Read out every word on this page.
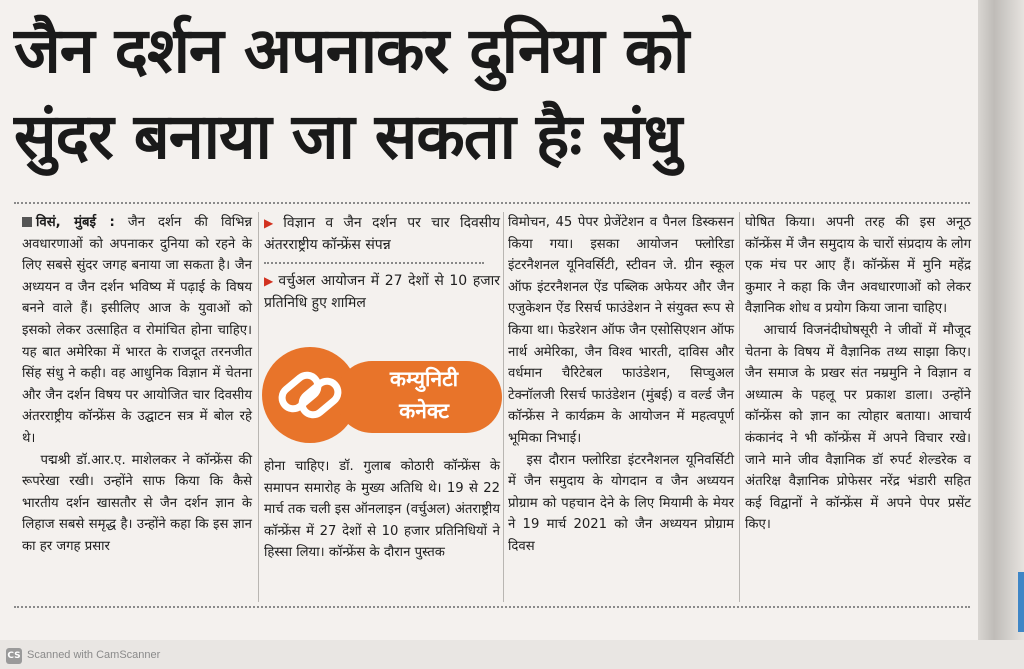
जैन दर्शन अपनाकर दुनिया को
सुंदर बनाया जा सकता हैः संधु

विसं, मुंबई : जैन दर्शन की विभिन्न अवधारणाओं को अपनाकर दुनिया को रहने के लिए सबसे सुंदर जगह बनाया जा सकता है। जैन अध्ययन व जैन दर्शन भविष्य में पढ़ाई के विषय बनने वाले हैं। इसीलिए आज के युवाओं को इसको लेकर उत्साहित व रोमांचित होना चाहिए। यह बात अमेरिका में भारत के राजदूत तरनजीत सिंह संधु ने कही। वह आधुनिक विज्ञान में चेतना और जैन दर्शन विषय पर आयोजित चार दिवसीय अंतरराष्ट्रीय कॉन्फ्रेंस के उद्घाटन सत्र में बोल रहे थे।

पद्मश्री डॉ.आर.ए. माशेलकर ने कॉन्फ्रेंस की रूपरेखा रखी। उन्होंने साफ किया कि कैसे भारतीय दर्शन खासतौर से जैन दर्शन ज्ञान के लिहाज सबसे समृद्ध है। उन्होंने कहा कि इस ज्ञान का हर जगह प्रसार

▶ विज्ञान व जैन दर्शन पर चार दिवसीय अंतरराष्ट्रीय कॉन्फ्रेंस संपन्न
▶ वर्चुअल आयोजन में 27 देशों से 10 हजार प्रतिनिधि हुए शामिल

होना चाहिए। डॉ. गुलाब कोठारी कॉन्फ्रेंस के समापन समारोह के मुख्य अतिथि थे। 19 से 22 मार्च तक चली इस ऑनलाइन (वर्चुअल) अंतराष्ट्रीय कॉन्फ्रेंस में 27 देशों से 10 हजार प्रतिनिधियों ने हिस्सा लिया। कॉन्फ्रेंस के दौरान पुस्तक

कम्युनिटी
कनेक्ट

विमोचन, 45 पेपर प्रेजेंटेशन व पैनल डिस्कसन किया गया। इसका आयोजन फ्लोरिडा इंटरनैशनल यूनिवर्सिटी, स्टीवन जे. ग्रीन स्कूल ऑफ इंटरनैशनल ऐंड पब्लिक अफेयर और जैन एजुकेशन ऐंड रिसर्च फाउंडेशन ने संयुक्त रूप से किया था। फेडरेशन ऑफ जैन एसोसिएशन ऑफ नार्थ अमेरिका, जैन विश्व भारती, दाविस और वर्धमान चैरिटेबल फाउंडेशन, सिप्चुअल टेक्नॉलजी रिसर्च फाउंडेशन (मुंबई) व वर्ल्ड जैन कॉन्फ्रेंस ने कार्यक्रम के आयोजन में महत्वपूर्ण भूमिका निभाई।

इस दौरान फ्लोरिडा इंटरनैशनल यूनिवर्सिटी में जैन समुदाय के योगदान व जैन अध्ययन प्रोग्राम को पहचान देने के लिए मियामी के मेयर ने 19 मार्च 2021 को जैन अध्ययन प्रोग्राम दिवस

घोषित किया। अपनी तरह की इस अनूठ कॉन्फ्रेंस में जैन समुदाय के चारों संप्रदाय के लोग एक मंच पर आए हैं। कॉन्फ्रेंस में मुनि महेंद्र कुमार ने कहा कि जैन अवधारणाओं को लेकर वैज्ञानिक शोध व प्रयोग किया जाना चाहिए।

आचार्य विजनंदीघोषसूरी ने जीवों में मौजूद चेतना के विषय में वैज्ञानिक तथ्य साझा किए। जैन समाज के प्रखर संत नम्रमुनि ने विज्ञान व अध्यात्म के पहलू पर प्रकाश डाला। उन्होंने कॉन्फ्रेंस को ज्ञान का त्योहार बताया। आचार्य कंकानंद ने भी कॉन्फ्रेंस में अपने विचार रखे। जाने माने जीव वैज्ञानिक डॉ रुपर्ट शेल्डरेक व अंतरिक्ष वैज्ञानिक प्रोफेसर नरेंद्र भंडारी सहित कई विद्वानों ने कॉन्फ्रेंस में अपने पेपर प्रसेंट किए।

CS Scanned with CamScanner
